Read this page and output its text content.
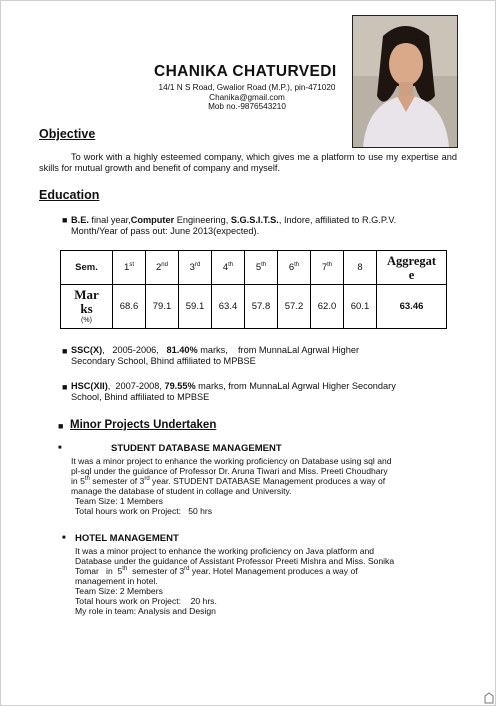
CHANIKA CHATURVEDI
14/1 N S Road, Gwalior Road (M.P.), pin-471020
Chanika@gmail.com
Mob no.-9876543210
Objective
To work with a highly esteemed company, which gives me a platform to use my expertise and skills for mutual growth and benefit of company and myself.
Education
■ B.E. final year,Computer Engineering, S.G.S.I.T.S., Indore, affiliated to R.G.P.V.
Month/Year of pass out: June 2013(expected).
Sem.	1st	2nd	3rd	4th	5th	6th	7th	8	Aggregat
e

Mar
ks
(%)	68.6	79.1	59.1	63.4	57.8	57.2	62.0	60.1	63.46
■ SSC(X),   2005-2006,   81.40% marks,    from MunnaLal Agrwal Higher
Secondary School, Bhind affiliated to MPBSE
■ HSC(XII),  2007-2008, 79.55% marks, from MunnaLal Agrwal Higher Secondary
School, Bhind affiliated to MPBSE
■ Minor Projects Undertaken
■	STUDENT DATABASE MANAGEMENT
It was a minor project to enhance the working proficiency on Database using sql and
pl-sql under the guidance of Professor Dr. Aruna Tiwari and Miss. Preeti Choudhary
in 5th semester of 3rd year. STUDENT DATABASE Management produces a way of
manage the database of student in collage and University.
Team Size: 1 Members
Total hours work on Project:   50 hrs
■ HOTEL MANAGEMENT
It was a minor project to enhance the working proficiency on Java platform and
Database under the guidance of Assistant Professor Preeti Mishra and Miss. Sonika
Tomar   in  5th  semester of 3rd year. Hotel Management produces a way of
management in hotel.
Team Size: 2 Members
Total hours work on Project:    20 hrs.
My role in team: Analysis and Design
